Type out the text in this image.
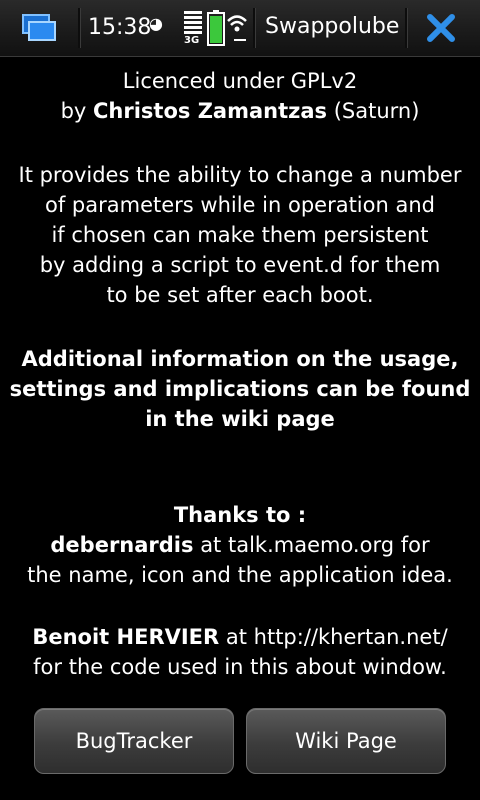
15:38
◕
3G
Swappolube

Licenced under GPLv2

by Christos Zamantzas (Saturn)

It provides the ability to change a number

of parameters while in operation and

if chosen can make them persistent

by adding a script to event.d for them

to be set after each boot.

Additional information on the usage,

settings and implications can be found

in the wiki page

Thanks to :

debernardis at talk.maemo.org for

the name, icon and the application idea.

Benoit HERVIER at http://khertan.net/

for the code used in this about window.

BugTracker	Wiki Page
